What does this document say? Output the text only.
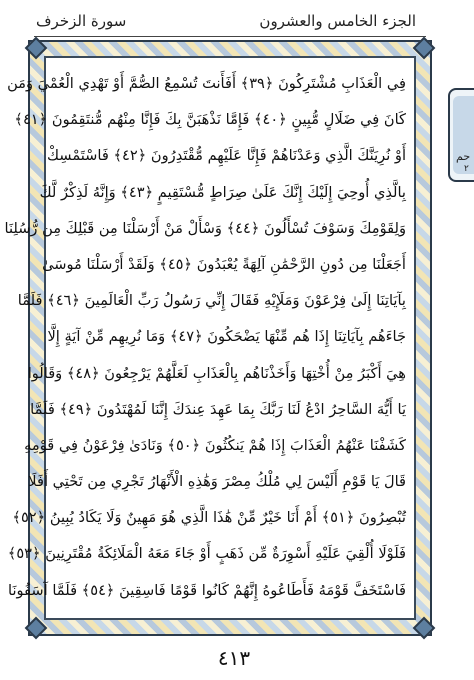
سورة الزخرف	الجزء الخامس والعشرون
حم
٢
فِي الْعَذَابِ مُشْتَرِكُونَ ﴿٣٩﴾ أَفَأَنتَ تُسْمِعُ الصُّمَّ أَوْ تَهْدِي الْعُمْيَ وَمَن
كَانَ فِي ضَلَالٍ مُّبِينٍ ﴿٤٠﴾ فَإِمَّا نَذْهَبَنَّ بِكَ فَإِنَّا مِنْهُم مُّنتَقِمُونَ ﴿٤١﴾
أَوْ نُرِيَنَّكَ الَّذِي وَعَدْنَاهُمْ فَإِنَّا عَلَيْهِم مُّقْتَدِرُونَ ﴿٤٢﴾ فَاسْتَمْسِكْ
بِالَّذِي أُوحِيَ إِلَيْكَ إِنَّكَ عَلَىٰ صِرَاطٍ مُّسْتَقِيمٍ ﴿٤٣﴾ وَإِنَّهُ لَذِكْرٌ لَّكَ
وَلِقَوْمِكَ وَسَوْفَ تُسْأَلُونَ ﴿٤٤﴾ وَسْأَلْ مَنْ أَرْسَلْنَا مِن قَبْلِكَ مِن رُّسُلِنَا
أَجَعَلْنَا مِن دُونِ الرَّحْمَٰنِ آلِهَةً يُعْبَدُونَ ﴿٤٥﴾ وَلَقَدْ أَرْسَلْنَا مُوسَىٰ
بِآيَاتِنَا إِلَىٰ فِرْعَوْنَ وَمَلَإِيْهِ فَقَالَ إِنِّي رَسُولُ رَبِّ الْعَالَمِينَ ﴿٤٦﴾ فَلَمَّا
جَاءَهُم بِآيَاتِنَا إِذَا هُم مِّنْهَا يَضْحَكُونَ ﴿٤٧﴾ وَمَا نُرِيهِم مِّنْ آيَةٍ إِلَّا
هِيَ أَكْبَرُ مِنْ أُخْتِهَا وَأَخَذْنَاهُم بِالْعَذَابِ لَعَلَّهُمْ يَرْجِعُونَ ﴿٤٨﴾ وَقَالُوا
يَا أَيُّهَ السَّاحِرُ ادْعُ لَنَا رَبَّكَ بِمَا عَهِدَ عِندَكَ إِنَّنَا لَمُهْتَدُونَ ﴿٤٩﴾ فَلَمَّا
كَشَفْنَا عَنْهُمُ الْعَذَابَ إِذَا هُمْ يَنكُثُونَ ﴿٥٠﴾ وَنَادَىٰ فِرْعَوْنُ فِي قَوْمِهِ
قَالَ يَا قَوْمِ أَلَيْسَ لِي مُلْكُ مِصْرَ وَهَٰذِهِ الْأَنْهَارُ تَجْرِي مِن تَحْتِي أَفَلَا
تُبْصِرُونَ ﴿٥١﴾ أَمْ أَنَا خَيْرٌ مِّنْ هَٰذَا الَّذِي هُوَ مَهِينٌ وَلَا يَكَادُ يُبِينُ ﴿٥٢﴾
فَلَوْلَا أُلْقِيَ عَلَيْهِ أَسْوِرَةٌ مِّن ذَهَبٍ أَوْ جَاءَ مَعَهُ الْمَلَائِكَةُ مُقْتَرِنِينَ ﴿٥٣﴾
فَاسْتَخَفَّ قَوْمَهُ فَأَطَاعُوهُ إِنَّهُمْ كَانُوا قَوْمًا فَاسِقِينَ ﴿٥٤﴾ فَلَمَّا آسَفُونَا
٤١٣
